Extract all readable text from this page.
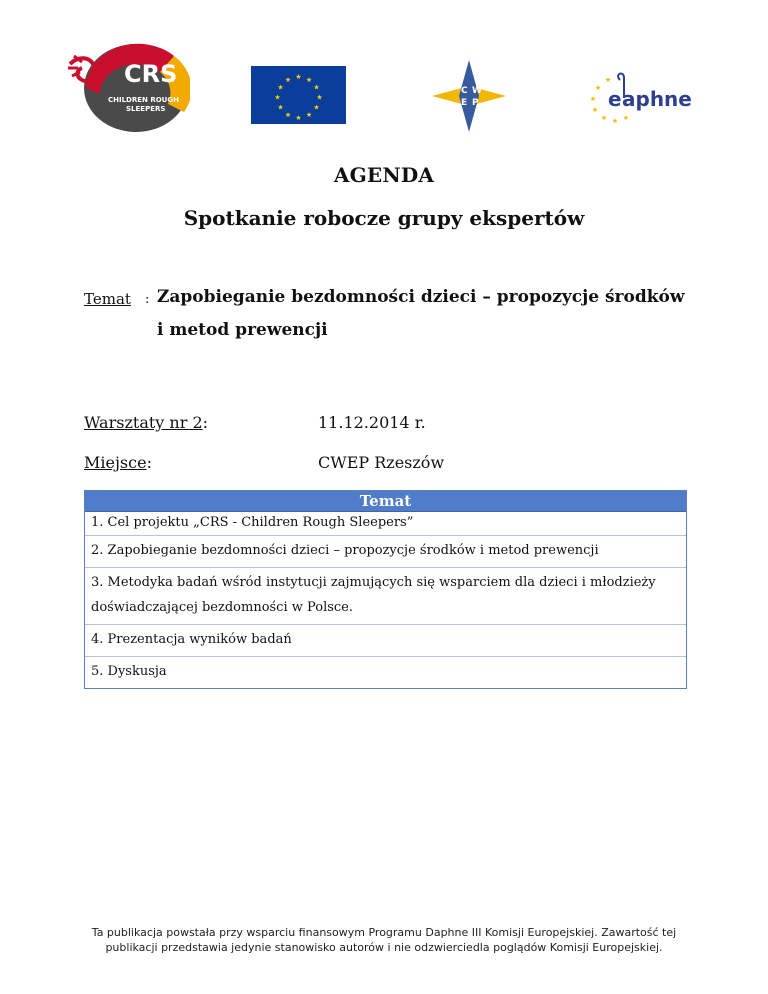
CRS
CHILDREN ROUGH
SLEEPERS
★ ★
★
★
★
★
★
★
★
★
★
★
C W
E P
★
★
★
★ ★ ★
★
e aphne
AGENDA
Spotkanie robocze grupy ekspertów
Temat : Zapobieganie bezdomności dzieci – propozycje środków
i metod prewencji
Warsztaty nr 2:	11.12.2014 r.
Miejsce:	CWEP Rzeszów
Temat
1. Cel projektu „CRS - Children Rough Sleepers”
2. Zapobieganie bezdomności dzieci – propozycje środków i metod prewencji
3. Metodyka badań wśród instytucji zajmujących się wsparciem dla dzieci i młodzieży doświadczającej bezdomności w Polsce.
4. Prezentacja wyników badań
5. Dyskusja
Ta publikacja powstała przy wsparciu finansowym Programu Daphne III Komisji Europejskiej. Zawartość tej
publikacji przedstawia jedynie stanowisko autorów i nie odzwierciedla poglądów Komisji Europejskiej.
